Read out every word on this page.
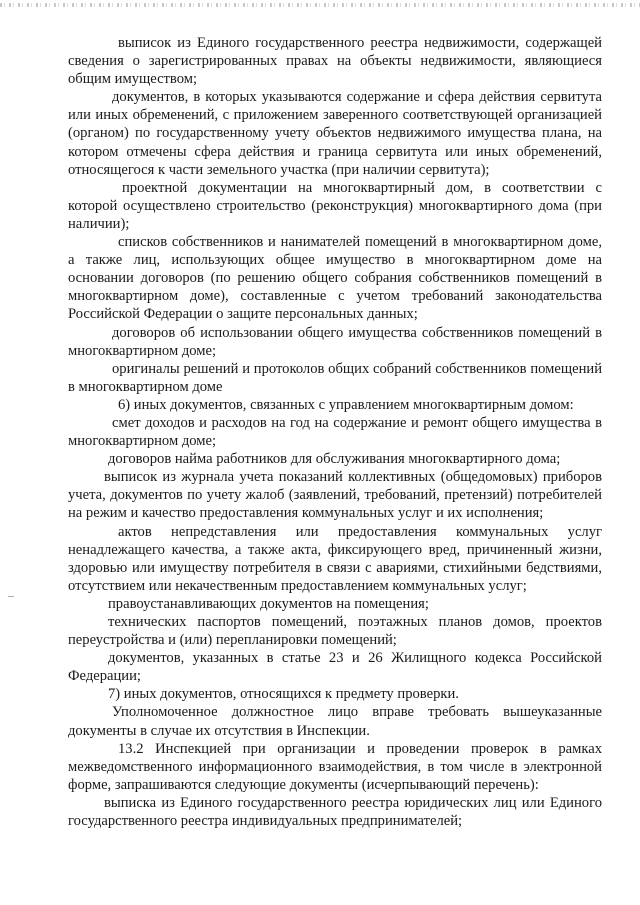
выписок из Единого государственного реестра недвижимости, содержащей сведения о зарегистрированных правах на объекты недвижимости, являющиеся общим имуществом;

документов, в которых указываются содержание и сфера действия сервитута или иных обременений, с приложением заверенного соответствующей организацией (органом) по государственному учету объектов недвижимого имущества плана, на котором отмечены сфера действия и граница сервитута или иных обременений, относящегося к части земельного участка (при наличии сервитута);

проектной документации на многоквартирный дом, в соответствии с которой осуществлено строительство (реконструкция) многоквартирного дома (при наличии);

списков собственников и нанимателей помещений в многоквартирном доме, а также лиц, использующих общее имущество в многоквартирном доме на основании договоров (по решению общего собрания собственников помещений в многоквартирном доме), составленные с учетом требований законодательства Российской Федерации о защите персональных данных;

договоров об использовании общего имущества собственников помещений в многоквартирном доме;

оригиналы решений и протоколов общих собраний собственников помещений в многоквартирном доме

6) иных документов, связанных с управлением многоквартирным домом:

смет доходов и расходов на год на содержание и ремонт общего имущества в многоквартирном доме;

договоров найма работников для обслуживания многоквартирного дома;

выписок из журнала учета показаний коллективных (общедомовых) приборов учета, документов по учету жалоб (заявлений, требований, претензий) потребителей на режим и качество предоставления коммунальных услуг и их исполнения;

актов непредставления или предоставления коммунальных услуг ненадлежащего качества, а также акта, фиксирующего вред, причиненный жизни, здоровью или имуществу потребителя в связи с авариями, стихийными бедствиями, отсутствием или некачественным предоставлением коммунальных услуг;

правоустанавливающих документов на помещения;

технических паспортов помещений, поэтажных планов домов, проектов переустройства и (или) перепланировки помещений;

документов, указанных в статье 23 и 26 Жилищного кодекса Российской Федерации;

7) иных документов, относящихся к предмету проверки.

Уполномоченное должностное лицо вправе требовать вышеуказанные документы в случае их отсутствия в Инспекции.

13.2 Инспекцией при организации и проведении проверок в рамках межведомственного информационного взаимодействия, в том числе в электронной форме, запрашиваются следующие документы (исчерпывающий перечень):

выписка из Единого государственного реестра юридических лиц или Единого государственного реестра индивидуальных предпринимателей;
